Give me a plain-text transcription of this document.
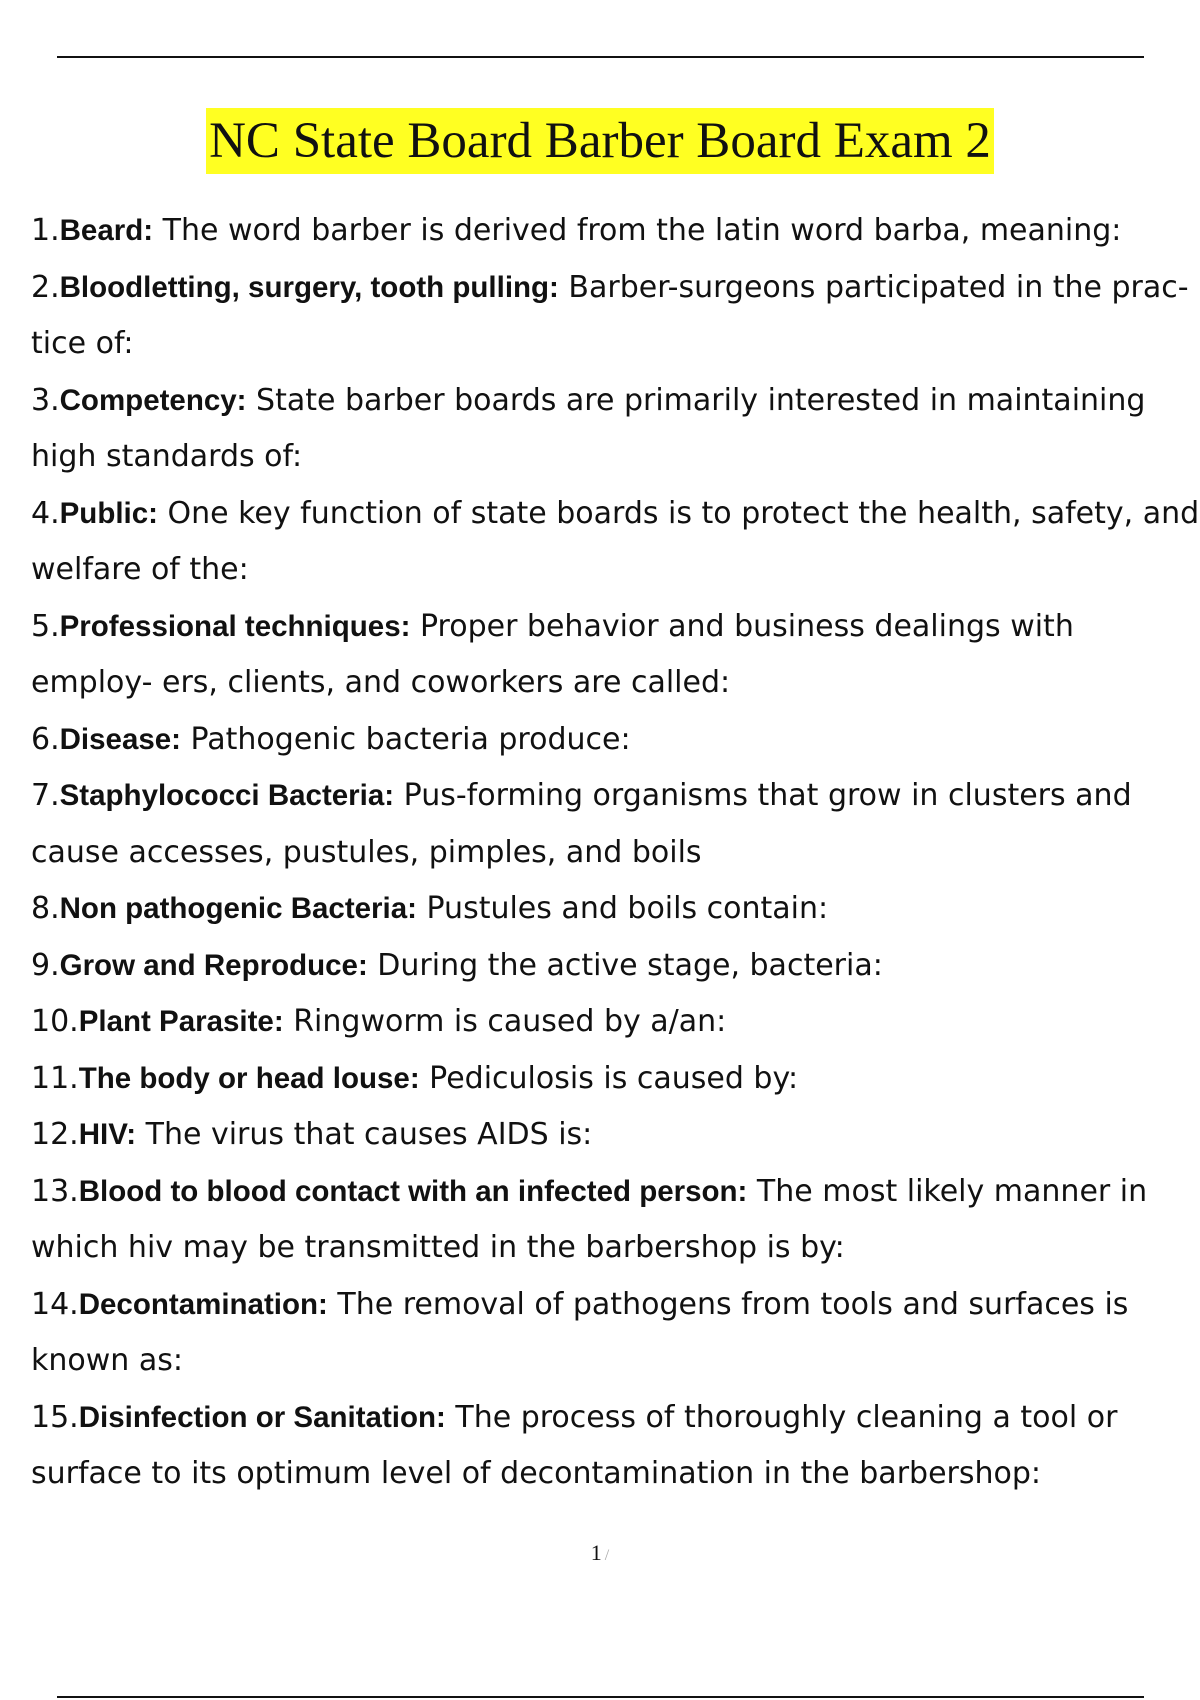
NC State Board Barber Board Exam 2
1.Beard: The word barber is derived from the latin word barba, meaning:
2.Bloodletting, surgery, tooth pulling: Barber-surgeons participated in the prac- tice of:
3.Competency: State barber boards are primarily interested in maintaining high standards of:
4.Public: One key function of state boards is to protect the health, safety, and welfare of the:
5.Professional techniques: Proper behavior and business dealings with employ- ers, clients, and coworkers are called:
6.Disease: Pathogenic bacteria produce:
7.Staphylococci Bacteria: Pus-forming organisms that grow in clusters and cause accesses, pustules, pimples, and boils
8.Non pathogenic Bacteria: Pustules and boils contain:
9.Grow and Reproduce: During the active stage, bacteria:
10.Plant Parasite: Ringworm is caused by a/an:
11.The body or head louse: Pediculosis is caused by:
12.HIV: The virus that causes AIDS is:
13.Blood to blood contact with an infected person: The most likely manner in which hiv may be transmitted in the barbershop is by:
14.Decontamination: The removal of pathogens from tools and surfaces is known as:
15.Disinfection or Sanitation: The process of thoroughly cleaning a tool or surface to its optimum level of decontamination in the barbershop:
1 /
